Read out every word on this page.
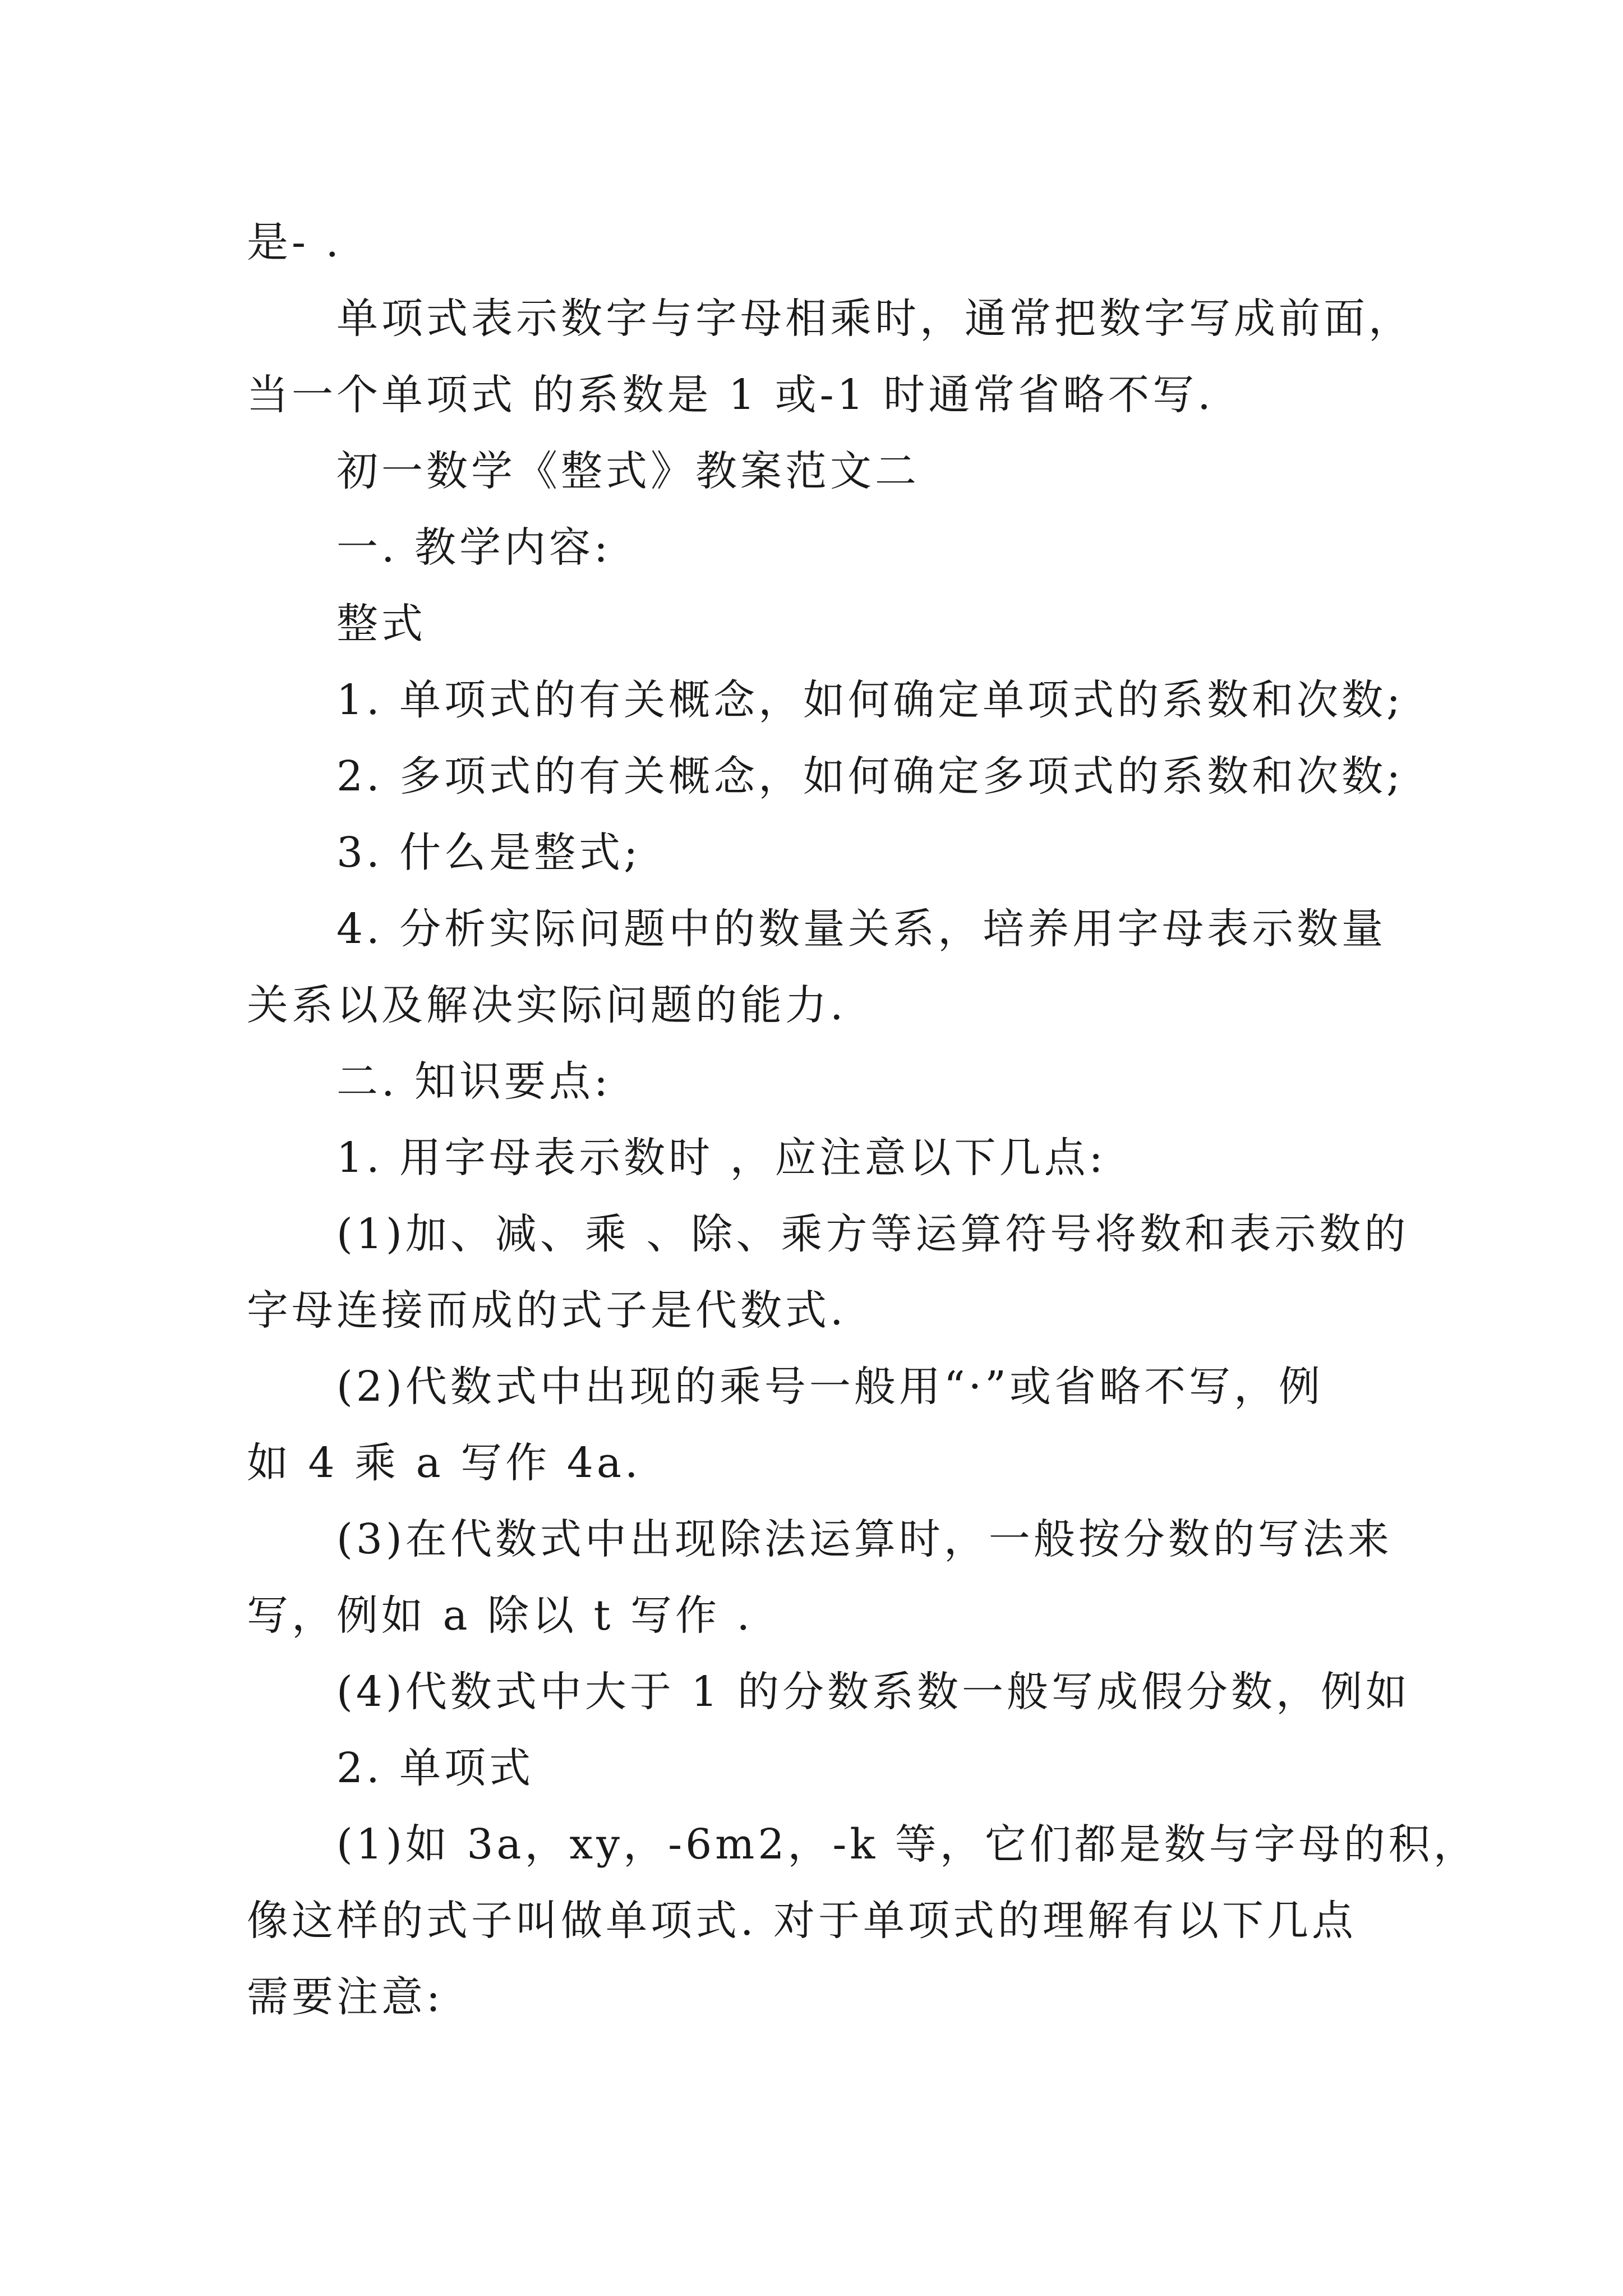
是- .
单项式表示数字与字母相乘时，通常把数字写成前面，
当一个单项式 的系数是 1 或-1 时通常省略不写.
初一数学《整式》教案范文二
一. 教学内容:
整式
1. 单项式的有关概念，如何确定单项式的系数和次数;
2. 多项式的有关概念，如何确定多项式的系数和次数;
3. 什么是整式;
4. 分析实际问题中的数量关系，培养用字母表示数量
关系以及解决实际问题的能力.
二. 知识要点:
1. 用字母表示数时 ，应注意以下几点:
(1)加、减、乘 、除、乘方等运算符号将数和表示数的
字母连接而成的式子是代数式.
(2)代数式中出现的乘号一般用“·”或省略不写，例
如 4 乘 a 写作 4a.
(3)在代数式中出现除法运算时，一般按分数的写法来
写，例如 a 除以 t 写作 .
(4)代数式中大于 1 的分数系数一般写成假分数，例如
2. 单项式
(1)如 3a，xy，-6m2，-k 等，它们都是数与字母的积，
像这样的式子叫做单项式. 对于单项式的理解有以下几点
需要注意:
